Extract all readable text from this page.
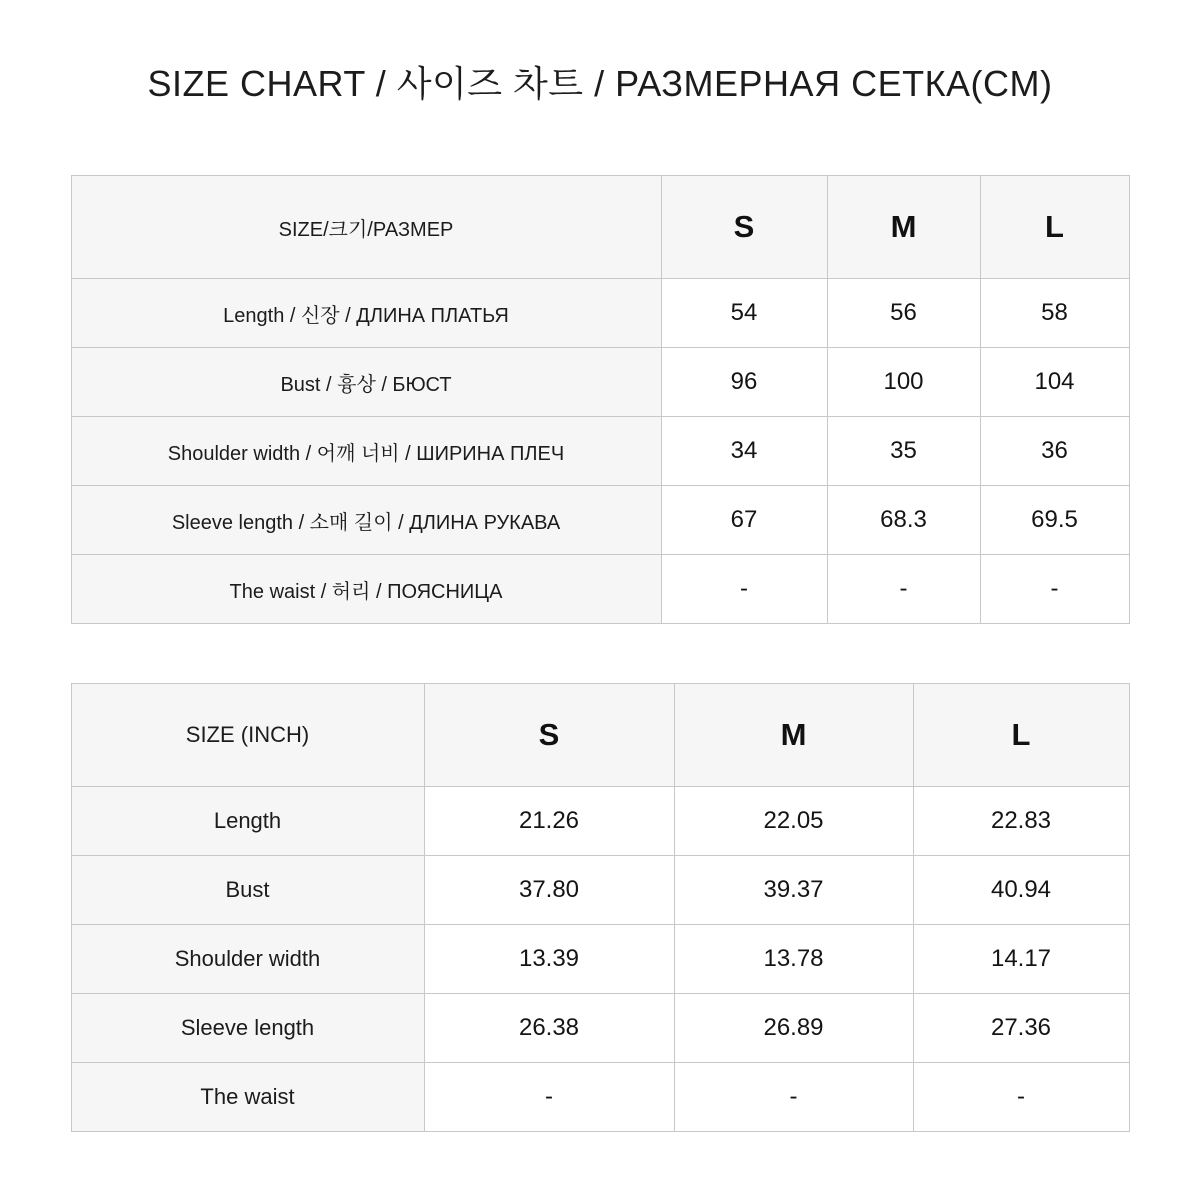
SIZE CHART / 사이즈 차트 / РАЗМЕРНАЯ СЕТКА(CM)
SIZE/크기/РАЗМЕР	S	M	L
Length / 신장 / ДЛИНА ПЛАТЬЯ	54	56	58
Bust / 흉상 / БЮСТ	96	100	104
Shoulder width / 어깨 너비 / ШИРИНА ПЛЕЧ	34	35	36
Sleeve length / 소매 길이 / ДЛИНА РУКАВА	67	68.3	69.5
The waist / 허리 / ПОЯСНИЦА	-	-	-
SIZE (INCH)	S	M	L
Length	21.26	22.05	22.83
Bust	37.80	39.37	40.94
Shoulder width	13.39	13.78	14.17
Sleeve length	26.38	26.89	27.36
The waist	-	-	-
